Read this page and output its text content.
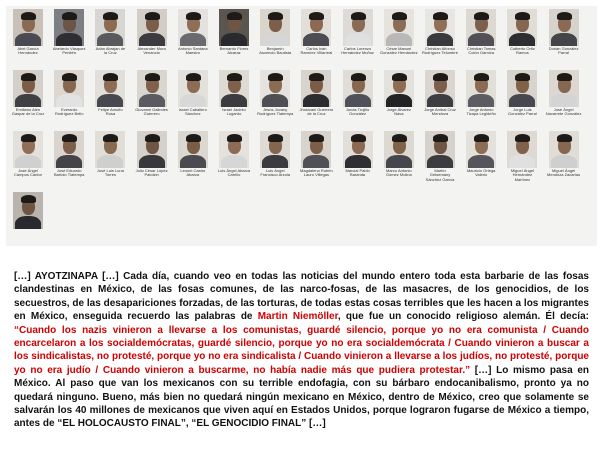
Abel García
Hernández
Abelardo Vásquez
Penitén
Adán Abrajan de
la Cruz
Alexander Mora
Venancio
Antonio Santana
Maestro
Bernardo Flores
Alcaraz
Benjamín
Ascencio Bautista
Carlos Iván
Ramírez Villarreal
Carlos Lorenzo
Hernández Muñoz
César Manuel
González Hernández
Christian Alfonso
Rodríguez Telumbre
Christian Tomas
Colón Garnica
Cutberto Ortiz
Ramos
Dorian González
Parral
Emiliano Alen
Gaspar de la Cruz
Everardo
Rodríguez Bello
Felipe Arnulfo
Rosa
Giovanni Galindes
Guerrero
Israel Caballero
Sánchez
Israel Jacinto
Lugardo
Jesús Jovany
Rodríguez Tlatempa
Jhosivani Guerrero
de la Cruz
Jonás Trujillo
González
Jorge Álvarez
Nava
Jorge Aníbal Cruz
Mendoza
Jorge Antonio
Tizapa Legideño
Jorge Luis
González Parral
José Ángel
Navarrete González
José Ángel
Campos Cantor
José Eduardo
Bartolo Tlatempa
José Luis Luna
Torres
Julio César López
Patolzin
Leonel Castro
Abarca
Luis Ángel Abarca
Carrillo
Luis Ángel
Francisco Arzola
Magdaleno Rubén
Lauro Villegas
Marcial Pablo
Baranda
Marco Antonio
Gómez Molina
Martín
Getsemany
Sánchez García
Mauricio Ortega
Valerio
Miguel Ángel
Hernández
Martínez
Miguel Ángel
Mendoza Zacarías

[…] AYOTZINAPA […] Cada día, cuando veo en todas las noticias del mundo entero toda esta barbarie de las fosas clandestinas en México, de las fosas comunes, de las narco-fosas, de las masacres, de los genocidios, de los secuestros, de las desapariciones forzadas, de las torturas, de todas estas cosas terribles que les hacen a los migrantes en México, enseguida recuerdo las palabras de Martin Niemöller, que fue un conocido religioso alemán. Él decía: “Cuando los nazis vinieron a llevarse a los comunistas, guardé silencio, porque yo no era comunista / Cuando encarcelaron a los socialdemócratas, guardé silencio, porque yo no era socialdemócrata / Cuando vinieron a buscar a los sindicalistas, no protesté, porque yo no era sindicalista / Cuando vinieron a llevarse a los judíos, no protesté, porque yo no era judío / Cuando vinieron a buscarme, no había nadie más que pudiera protestar.” […] Lo mismo pasa en México. Al paso que van los mexicanos con su terrible endofagia, con su bárbaro endocanibalismo, pronto ya no quedará ninguno. Bueno, más bien no quedará ningún mexicano en México, dentro de México, creo que solamente se salvarán los 40 millones de mexicanos que viven aquí en Estados Unidos, porque lograron fugarse de México a tiempo, antes de “EL HOLOCAUSTO FINAL”, “EL GENOCIDIO FINAL” […]
